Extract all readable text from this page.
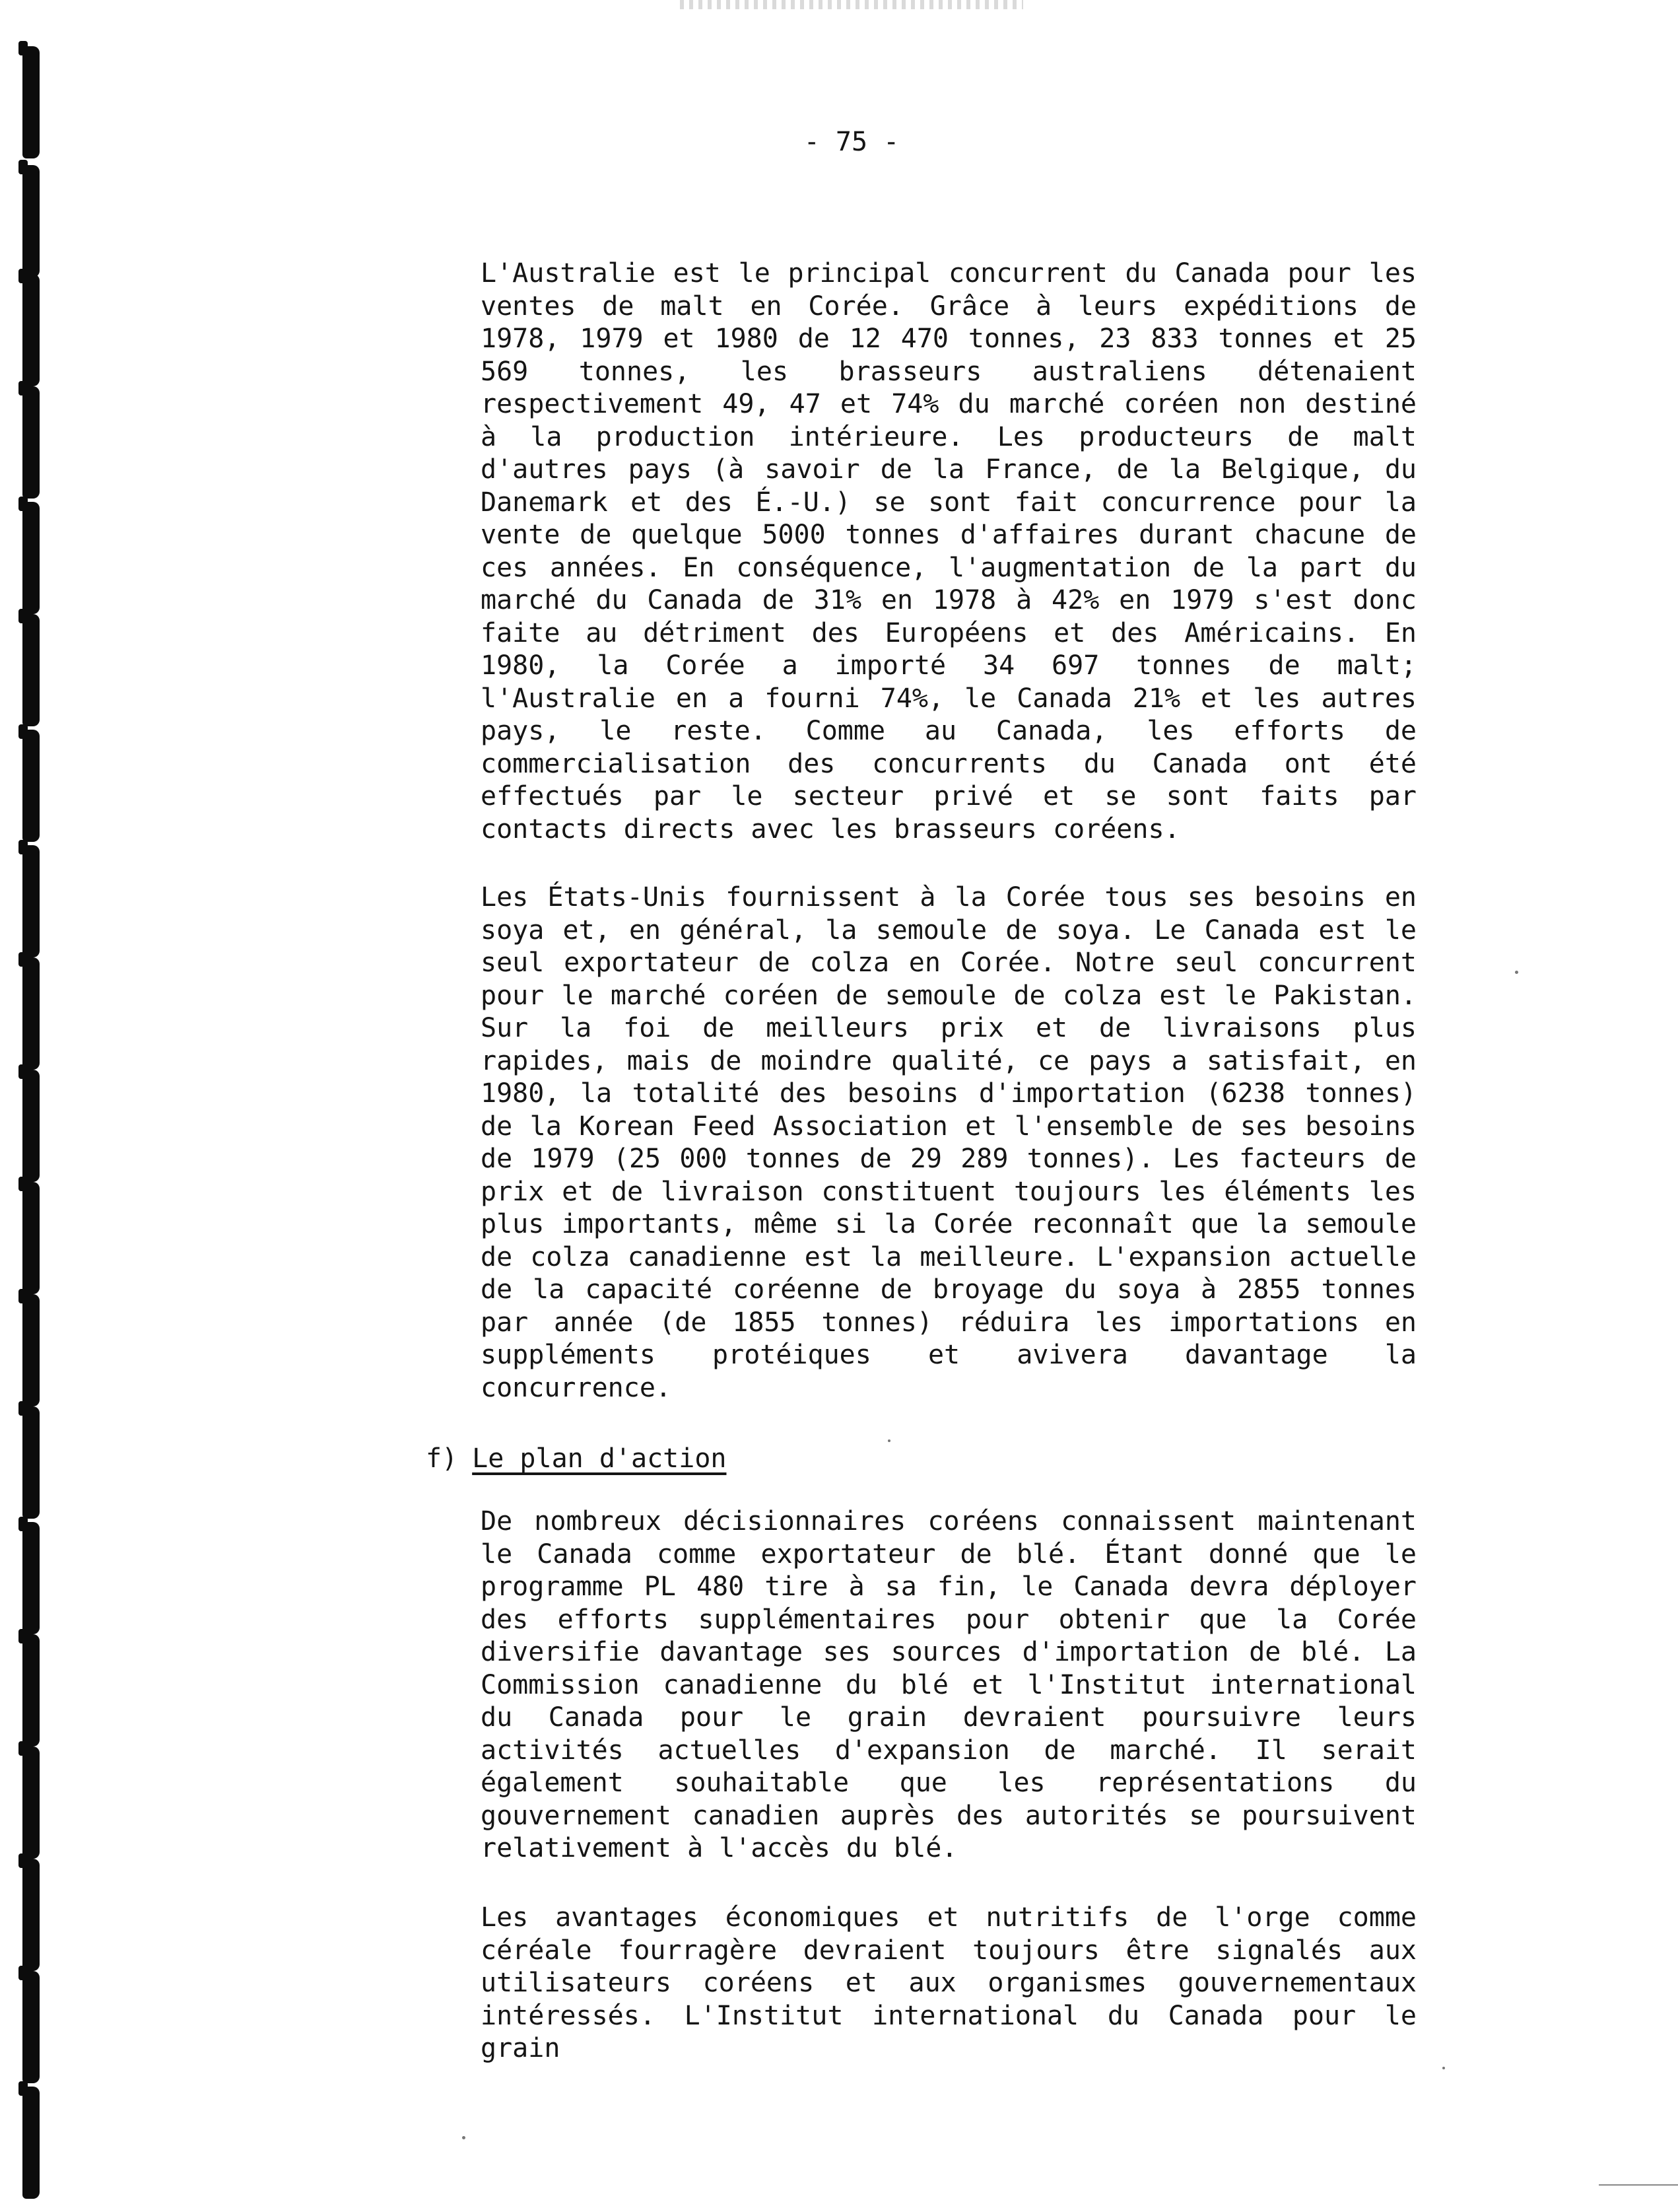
- 75 -

L'Australie est le principal concurrent du Canada pour les ventes de malt en Corée. Grâce à leurs expéditions de 1978, 1979 et 1980 de 12 470 tonnes, 23 833 tonnes et 25 569 tonnes, les brasseurs australiens détenaient respectivement 49, 47 et 74% du marché coréen non destiné à la production intérieure. Les producteurs de malt d'autres pays (à savoir de la France, de la Belgique, du Danemark et des É.-U.) se sont fait concurrence pour la vente de quelque 5000 tonnes d'affaires durant chacune de ces années. En conséquence, l'augmentation de la part du marché du Canada de 31% en 1978 à 42% en 1979 s'est donc faite au détriment des Européens et des Américains. En 1980, la Corée a importé 34 697 tonnes de malt; l'Australie en a fourni 74%, le Canada 21% et les autres pays, le reste. Comme au Canada, les efforts de commercialisation des concurrents du Canada ont été effectués par le secteur privé et se sont faits par contacts directs avec les brasseurs coréens.

Les États-Unis fournissent à la Corée tous ses besoins en soya et, en général, la semoule de soya. Le Canada est le seul exportateur de colza en Corée. Notre seul concurrent pour le marché coréen de semoule de colza est le Pakistan. Sur la foi de meilleurs prix et de livraisons plus rapides, mais de moindre qualité, ce pays a satisfait, en 1980, la totalité des besoins d'importation (6238 tonnes) de la Korean Feed Association et l'ensemble de ses besoins de 1979 (25 000 tonnes de 29 289 tonnes). Les facteurs de prix et de livraison constituent toujours les éléments les plus importants, même si la Corée reconnaît que la semoule de colza canadienne est la meilleure. L'expansion actuelle de la capacité coréenne de broyage du soya à 2855 tonnes par année (de 1855 tonnes) réduira les importations en suppléments protéiques et avivera davantage la concurrence.

f) Le plan d'action

De nombreux décisionnaires coréens connaissent maintenant le Canada comme exportateur de blé. Étant donné que le programme PL 480 tire à sa fin, le Canada devra déployer des efforts supplémentaires pour obtenir que la Corée diversifie davantage ses sources d'importation de blé. La Commission canadienne du blé et l'Institut international du Canada pour le grain devraient poursuivre leurs activités actuelles d'expansion de marché. Il serait également souhaitable que les représentations du gouvernement canadien auprès des autorités se poursuivent relativement à l'accès du blé.

Les avantages économiques et nutritifs de l'orge comme céréale fourragère devraient toujours être signalés aux utilisateurs coréens et aux organismes gouvernementaux intéressés. L'Institut international du Canada pour le grain
